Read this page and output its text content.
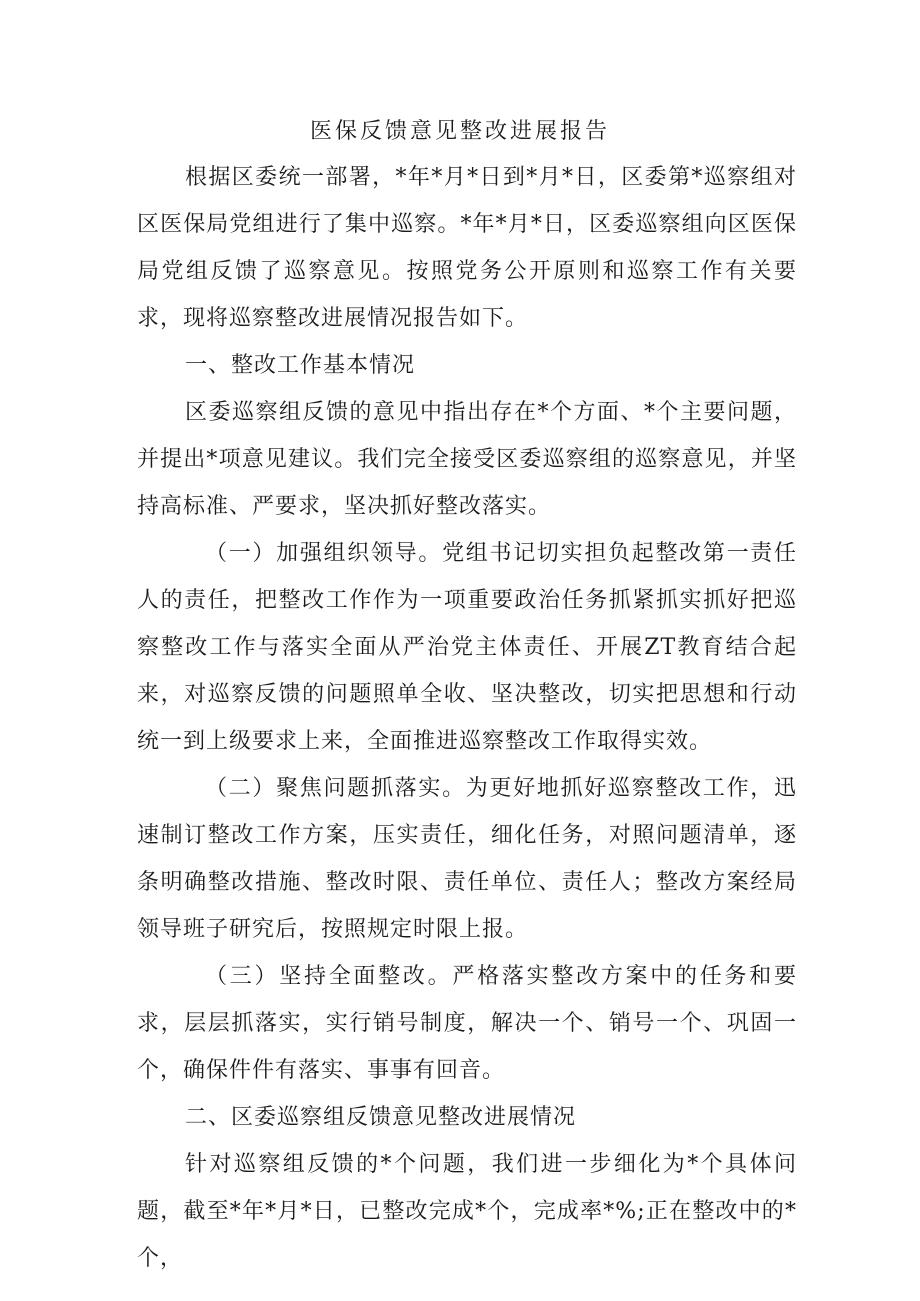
医保反馈意见整改进展报告

根据区委统一部署，*年*月*日到*月*日，区委第*巡察组对区医保局党组进行了集中巡察。*年*月*日，区委巡察组向区医保局党组反馈了巡察意见。按照党务公开原则和巡察工作有关要求，现将巡察整改进展情况报告如下。

一、整改工作基本情况

区委巡察组反馈的意见中指出存在*个方面、*个主要问题，并提出*项意见建议。我们完全接受区委巡察组的巡察意见，并坚持高标准、严要求，坚决抓好整改落实。

（一）加强组织领导。党组书记切实担负起整改第一责任人的责任，把整改工作作为一项重要政治任务抓紧抓实抓好把巡察整改工作与落实全面从严治党主体责任、开展ZT教育结合起来，对巡察反馈的问题照单全收、坚决整改，切实把思想和行动统一到上级要求上来，全面推进巡察整改工作取得实效。

（二）聚焦问题抓落实。为更好地抓好巡察整改工作，迅速制订整改工作方案，压实责任，细化任务，对照问题清单，逐条明确整改措施、整改时限、责任单位、责任人；整改方案经局领导班子研究后，按照规定时限上报。

（三）坚持全面整改。严格落实整改方案中的任务和要求，层层抓落实，实行销号制度，解决一个、销号一个、巩固一个，确保件件有落实、事事有回音。

二、区委巡察组反馈意见整改进展情况

针对巡察组反馈的*个问题，我们进一步细化为*个具体问题，截至*年*月*日，已整改完成*个，完成率*%;正在整改中的*个，
